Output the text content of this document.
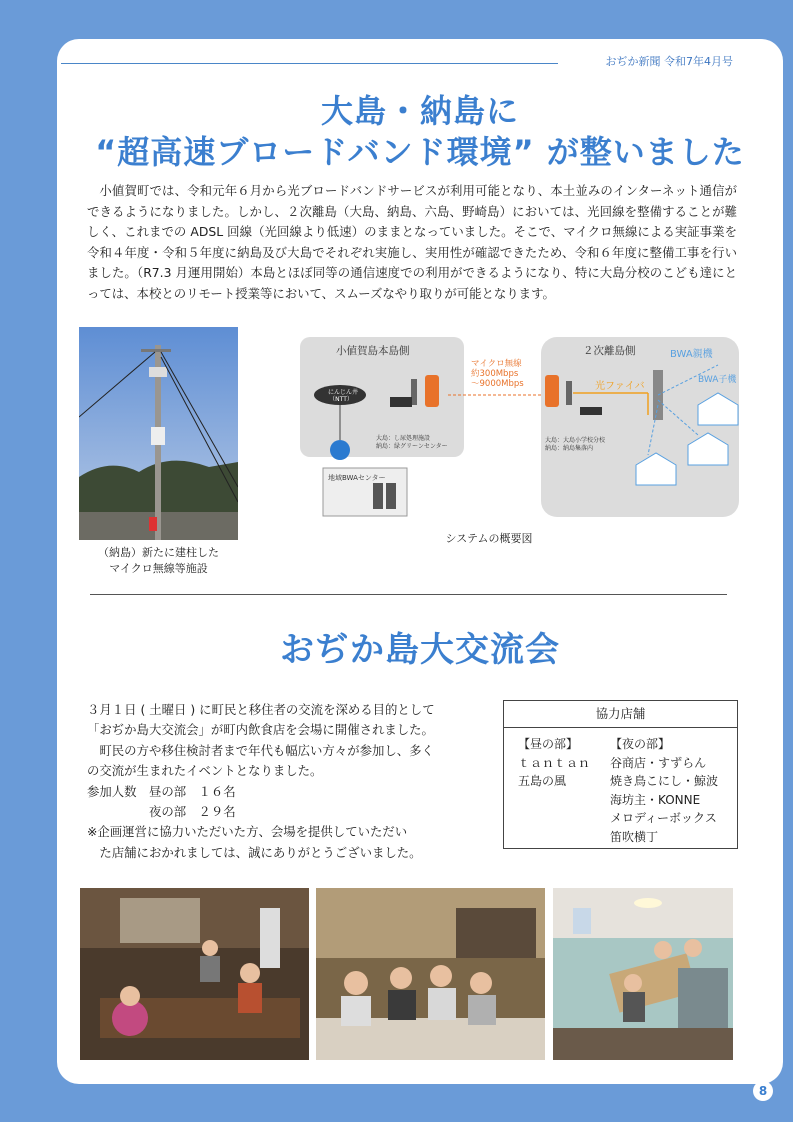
おぢか新聞 令和7年4月号
大島・納島に
“超高速ブロードバンド環境” が整いました
小値賀町では、令和元年６月から光ブロードバンドサービスが利用可能となり、本土並みのインターネット通信ができるようになりました。しかし、２次離島（大島、納島、六島、野崎島）においては、光回線を整備することが難しく、これまでの ADSL 回線（光回線より低速）のままとなっていました。そこで、マイクロ無線による実証事業を令和４年度・令和５年度に納島及び大島でそれぞれ実施し、実用性が確認できたため、令和６年度に整備工事を行いました。（R7.3 月運用開始）本島とほぼ同等の通信速度での利用ができるようになり、特に大島分校のこども達にとっては、本校とのリモート授業等において、スムーズなやり取りが可能となります。
（納島）新たに建柱した
マイクロ無線等施設
小値賀島本島側	２次離島側
マイクロ無線
約300Mbps
～9000Mbps	光ファイバ
BWA親機
BWA子機
にんじん井
（NTT）
地域BWAセンター
大島：し尿処理施設
納島：緑グリーンセンター
大島：大島小学校分校
納島：納島集落内
システムの概要図
おぢか島大交流会
３月１日 ( 土曜日 ) に町民と移住者の交流を深める目的として
「おぢか島大交流会」が町内飲食店を会場に開催されました。
　町民の方や移住検討者まで年代も幅広い方々が参加し、多く
の交流が生まれたイベントとなりました。
参加人数　昼の部　１６名
　　　　　夜の部　２９名
※企画運営に協力いただいた方、会場を提供していただい
　た店舗におかれましては、誠にありがとうございました。
協力店舗
【昼の部】
ｔａｎｔａｎ
五島の風
【夜の部】
谷商店・すずらん
焼き鳥こにし・鯨波
海坊主・KONNE
メロディーボックス
笛吹横丁
8
